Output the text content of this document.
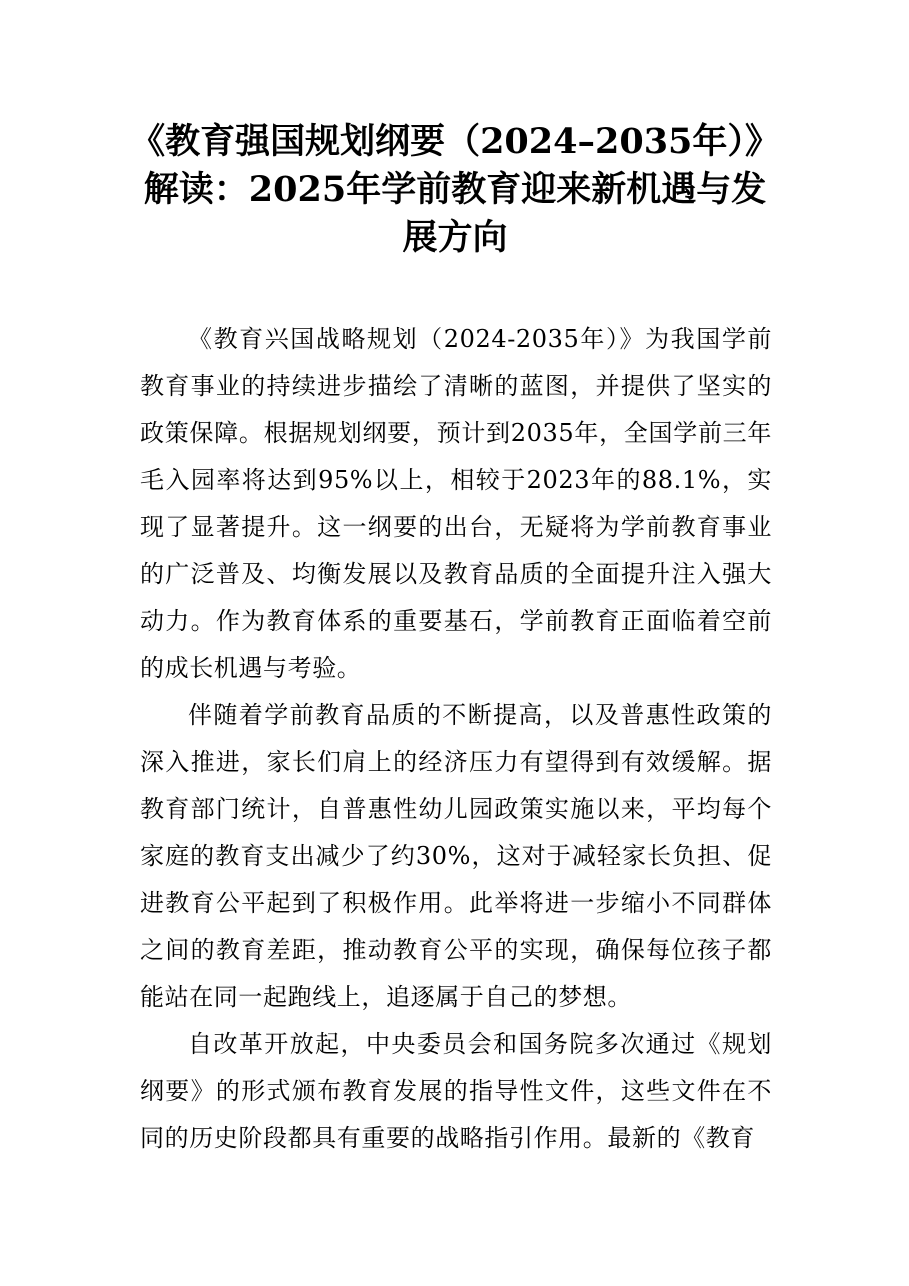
《教育强国规划纲要（2024–2035年）》解读：2025年学前教育迎来新机遇与发展方向

《教育兴国战略规划（2024-2035年）》为我国学前教育事业的持续进步描绘了清晰的蓝图，并提供了坚实的政策保障。根据规划纲要，预计到2035年，全国学前三年毛入园率将达到95%以上，相较于2023年的88.1%，实现了显著提升。这一纲要的出台，无疑将为学前教育事业的广泛普及、均衡发展以及教育品质的全面提升注入强大动力。作为教育体系的重要基石，学前教育正面临着空前的成长机遇与考验。

伴随着学前教育品质的不断提高，以及普惠性政策的深入推进，家长们肩上的经济压力有望得到有效缓解。据教育部门统计，自普惠性幼儿园政策实施以来，平均每个家庭的教育支出减少了约30%，这对于减轻家长负担、促进教育公平起到了积极作用。此举将进一步缩小不同群体之间的教育差距，推动教育公平的实现，确保每位孩子都能站在同一起跑线上，追逐属于自己的梦想。

自改革开放起，中央委员会和国务院多次通过《规划纲要》的形式颁布教育发展的指导性文件，这些文件在不同的历史阶段都具有重要的战略指引作用。最新的《教育
